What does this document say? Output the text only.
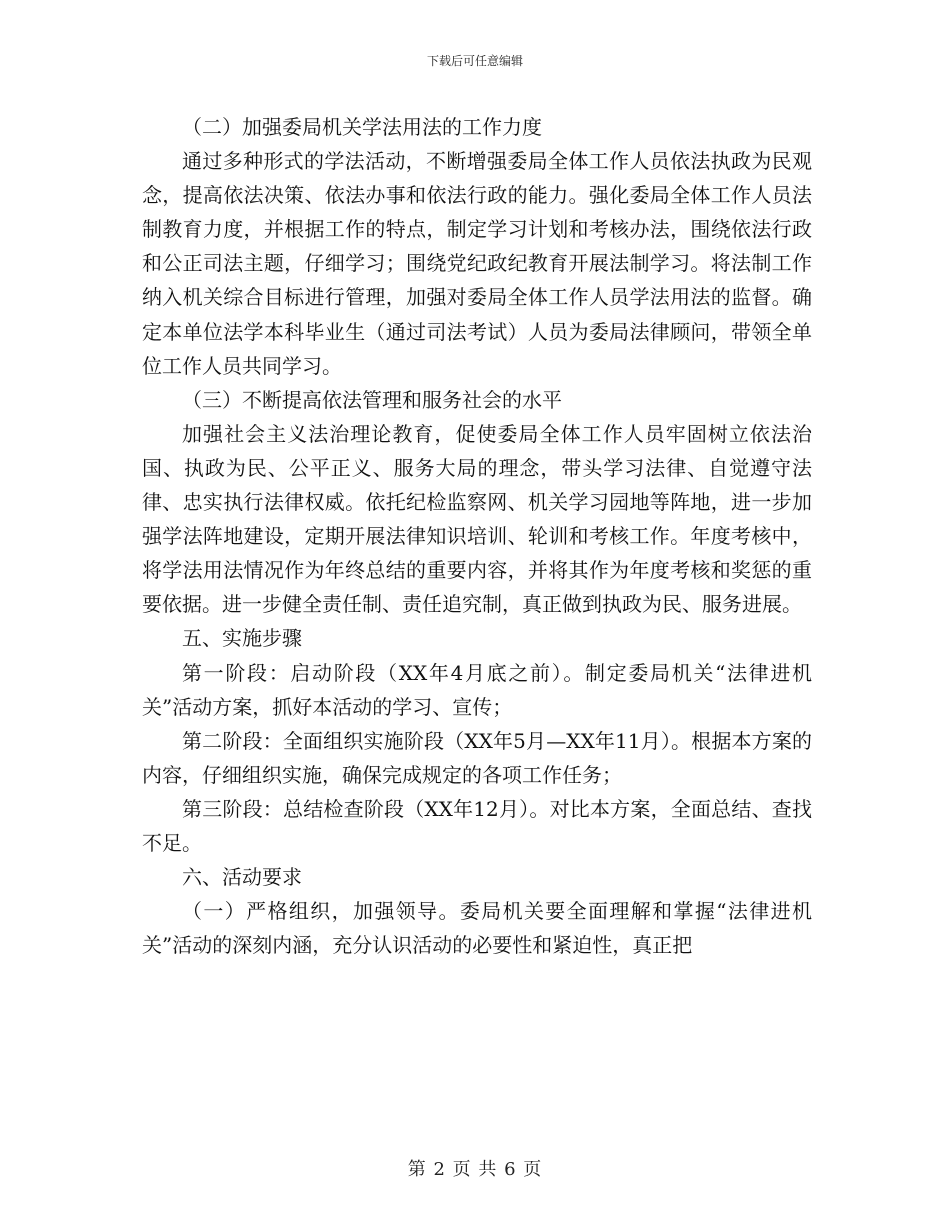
下载后可任意编辑

（二）加强委局机关学法用法的工作力度

通过多种形式的学法活动，不断增强委局全体工作人员依法执政为民观念，提高依法决策、依法办事和依法行政的能力。强化委局全体工作人员法制教育力度，并根据工作的特点，制定学习计划和考核办法，围绕依法行政和公正司法主题，仔细学习；围绕党纪政纪教育开展法制学习。将法制工作纳入机关综合目标进行管理，加强对委局全体工作人员学法用法的监督。确定本单位法学本科毕业生（通过司法考试）人员为委局法律顾问，带领全单位工作人员共同学习。

（三）不断提高依法管理和服务社会的水平

加强社会主义法治理论教育，促使委局全体工作人员牢固树立依法治国、执政为民、公平正义、服务大局的理念，带头学习法律、自觉遵守法律、忠实执行法律权威。依托纪检监察网、机关学习园地等阵地，进一步加强学法阵地建设，定期开展法律知识培训、轮训和考核工作。年度考核中，将学法用法情况作为年终总结的重要内容，并将其作为年度考核和奖惩的重要依据。进一步健全责任制、责任追究制，真正做到执政为民、服务进展。

五、实施步骤

第一阶段：启动阶段（XX年4月底之前）。制定委局机关“法律进机关”活动方案，抓好本活动的学习、宣传；

第二阶段：全面组织实施阶段（XX年5月—XX年11月）。根据本方案的内容，仔细组织实施，确保完成规定的各项工作任务；

第三阶段：总结检查阶段（XX年12月）。对比本方案，全面总结、查找不足。

六、活动要求

（一）严格组织，加强领导。委局机关要全面理解和掌握“法律进机关”活动的深刻内涵，充分认识活动的必要性和紧迫性，真正把

第 2 页 共 6 页
